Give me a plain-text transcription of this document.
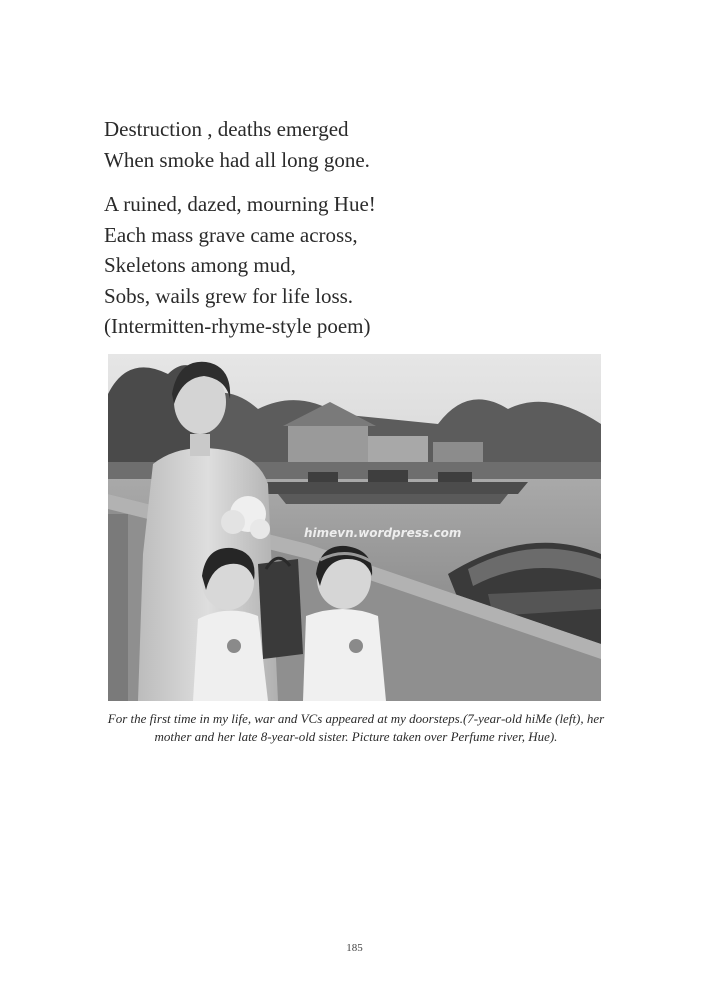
Destruction , deaths emerged
When smoke had all long gone.
A ruined, dazed, mourning Hue!
Each mass grave came across,
Skeletons among mud,
Sobs, wails grew for life loss.
(Intermitten-rhyme-style poem)
himevn.wordpress.com
For the first time in my life, war and VCs appeared at my doorsteps.(7-year-old hiMe (left), her mother and her late 8-year-old sister. Picture taken over Perfume river, Hue).
185
